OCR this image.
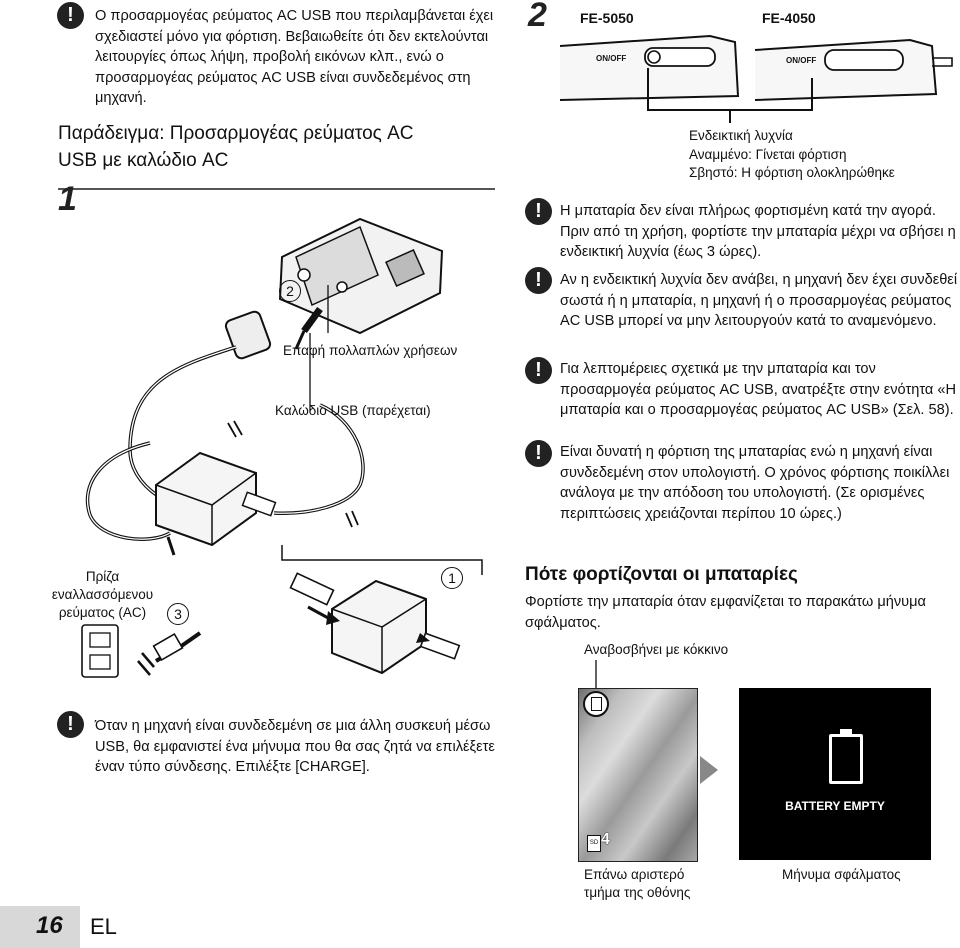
!	Ο προσαρμογέας ρεύματος AC USB που περιλαμβάνεται έχει σχεδιαστεί μόνο για φόρτιση. Βεβαιωθείτε ότι δεν εκτελούνται λειτουργίες όπως λήψη, προβολή εικόνων κλπ., ενώ ο προσαρμογέας ρεύματος AC USB είναι συνδεδεμένος στη μηχανή.
Παράδειγμα: Προσαρμογέας ρεύματος AC
USB με καλώδιο AC
1
2
1
3
Επαφή πολλαπλών χρήσεων
Καλώδιο USB (παρέχεται)
Πρίζα
εναλλασσόμενου
ρεύματος (AC)
!	Όταν η μηχανή είναι συνδεδεμένη σε μια άλλη συσκευή μέσω USB, θα εμφανιστεί ένα μήνυμα που θα σας ζητά να επιλέξετε έναν τύπο σύνδεσης. Επιλέξτε [CHARGE].
16 EL
2 FE-5050	FE-4050
ON/OFF	ON/OFF
Ενδεικτική λυχνία
Αναμμένο: Γίνεται φόρτιση
Σβηστό: Η φόρτιση ολοκληρώθηκε
!	Η μπαταρία δεν είναι πλήρως φορτισμένη κατά την αγορά. Πριν από τη χρήση, φορτίστε την μπαταρία μέχρι να σβήσει η ενδεικτική λυχνία (έως 3 ώρες).
!	Αν η ενδεικτική λυχνία δεν ανάβει, η μηχανή δεν έχει συνδεθεί σωστά ή η μπαταρία, η μηχανή ή ο προσαρμογέας ρεύματος AC USB μπορεί να μην λειτουργούν κατά το αναμενόμενο.
!	Για λεπτομέρειες σχετικά με την μπαταρία και τον προσαρμογέα ρεύματος AC USB, ανατρέξτε στην ενότητα «Η μπαταρία και ο προσαρμογέας ρεύματος AC USB» (Σελ. 58).
!	Είναι δυνατή η φόρτιση της μπαταρίας ενώ η μηχανή είναι συνδεδεμένη στον υπολογιστή. Ο χρόνος φόρτισης ποικίλλει ανάλογα με την απόδοση του υπολογιστή. (Σε ορισμένες περιπτώσεις χρειάζονται περίπου 10 ώρες.)
Πότε φορτίζονται οι μπαταρίες
Φορτίστε την μπαταρία όταν εμφανίζεται το παρακάτω μήνυμα σφάλματος.
Αναβοσβήνει με κόκκινο
SD 4
BATTERY EMPTY
Επάνω αριστερό
τμήμα της οθόνης
Μήνυμα σφάλματος
